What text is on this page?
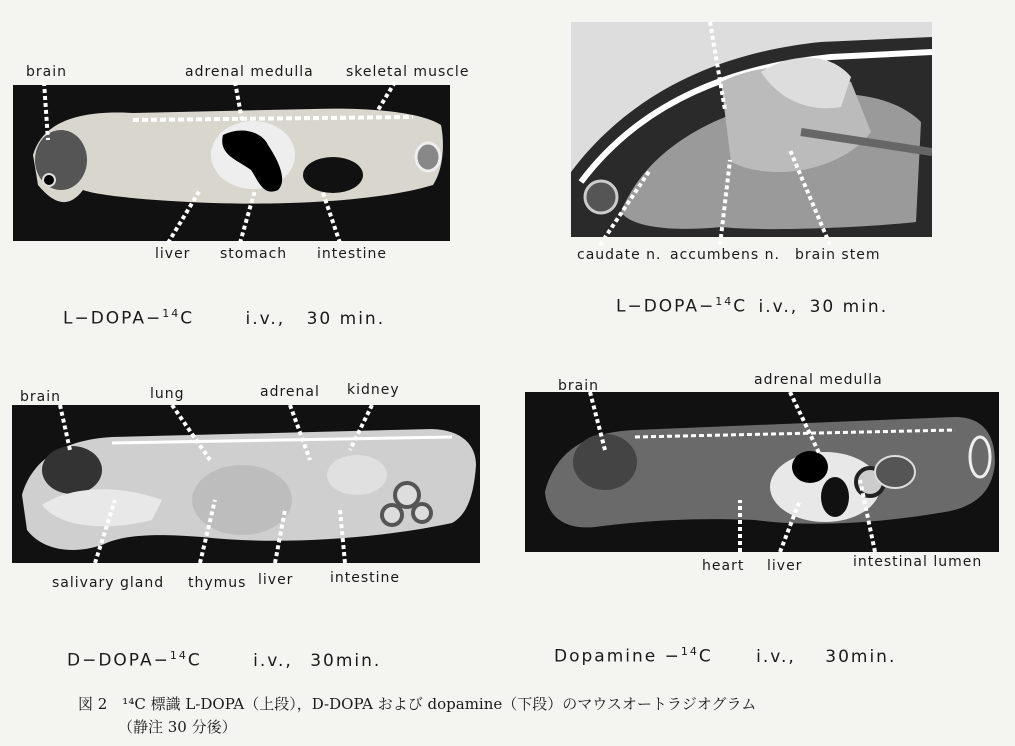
brain	adrenal medulla skeletal muscle
liver stomach intestine
L−DOPA−$^{14}$C	i.v., 30 min.
caudate n. accumbens n. brain stem
L−DOPA−$^{14}$C i.v., 30 min.
brain	lung	adrenal kidney
salivary gland thymus liver	intestine
D−DOPA−$^{14}$C	i.v., 30min.
brain	adrenal medulla
heart liver	intestinal lumen
Dopamine −$^{14}$C	i.v., 30min.
図 2　¹⁴C 標識 L-DOPA（上段），D-DOPA および dopamine（下段）のマウスオートラジオグラム
（静注 30 分後）
